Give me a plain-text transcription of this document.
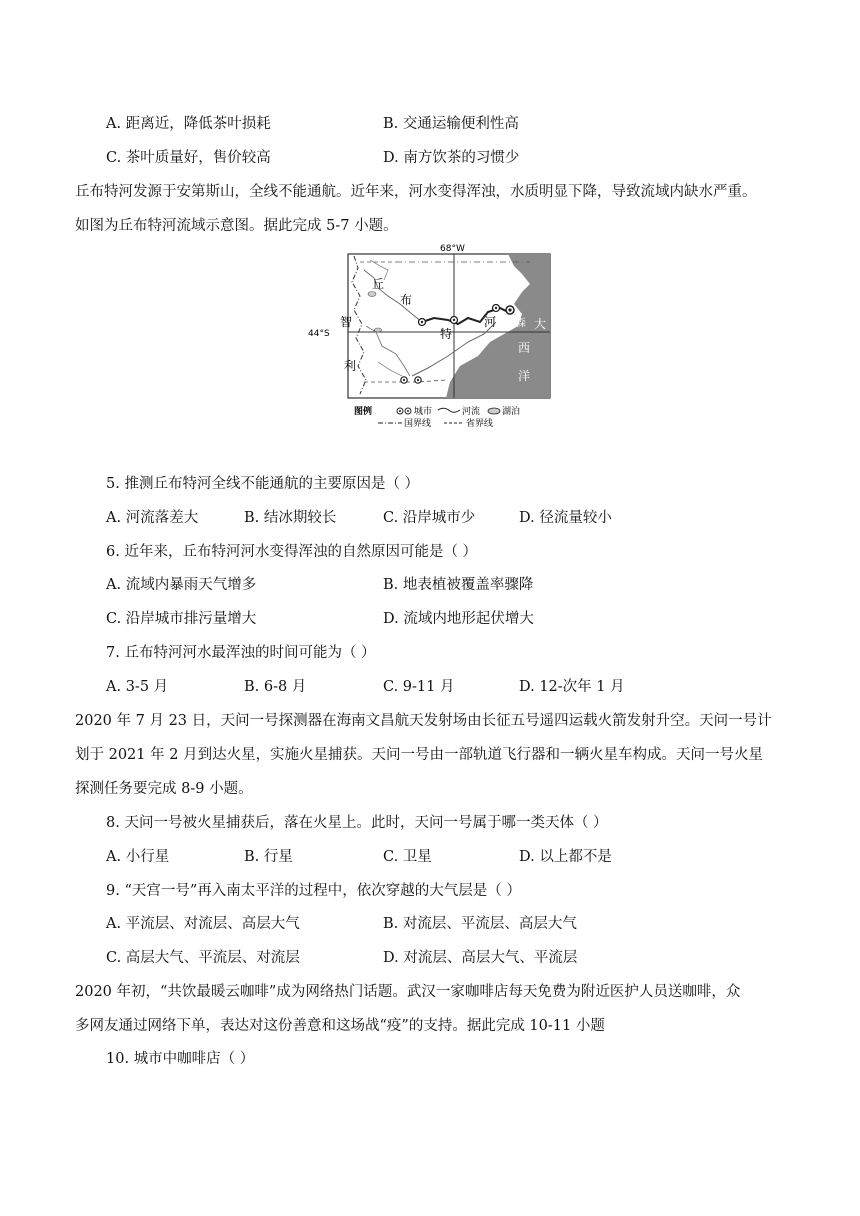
A. 距离近，降低茶叶损耗	B. 交通运输便利性高
C. 茶叶质量好，售价较高	D. 南方饮茶的习惯少
丘布特河发源于安第斯山，全线不能通航。近年来，河水变得浑浊，水质明显下降，导致流域内缺水严重。
如图为丘布特河流域示意图。据此完成 5-7 小题。
68°W
44°S
丘
布
特
河
智
利
罗森 大
西
洋
图例	城市	河流 湖泊
国界线	省界线
5. 推测丘布特河全线不能通航的主要原因是（ ）
A. 河流落差大	B. 结冰期较长	C. 沿岸城市少	D. 径流量较小
6. 近年来，丘布特河河水变得浑浊的自然原因可能是（ ）
A. 流域内暴雨天气增多	B. 地表植被覆盖率骤降
C. 沿岸城市排污量增大	D. 流域内地形起伏增大
7. 丘布特河河水最浑浊的时间可能为（ ）
A. 3-5 月	B. 6-8 月	C. 9-11 月	D. 12-次年 1 月
2020 年 7 月 23 日，天问一号探测器在海南文昌航天发射场由长征五号遥四运载火箭发射升空。天问一号计
划于 2021 年 2 月到达火星，实施火星捕获。天问一号由一部轨道飞行器和一辆火星车构成。天问一号火星
探测任务要完成 8-9 小题。
8. 天问一号被火星捕获后，落在火星上。此时，天问一号属于哪一类天体（ ）
A. 小行星	B. 行星	C. 卫星	D. 以上都不是
9. “天宫一号”再入南太平洋的过程中，依次穿越的大气层是（ ）
A. 平流层、对流层、高层大气	B. 对流层、平流层、高层大气
C. 高层大气、平流层、对流层	D. 对流层、高层大气、平流层
2020 年初，“共饮最暖云咖啡”成为网络热门话题。武汉一家咖啡店每天免费为附近医护人员送咖啡，众
多网友通过网络下单，表达对这份善意和这场战“疫”的支持。据此完成 10-11 小题
10. 城市中咖啡店（ ）
